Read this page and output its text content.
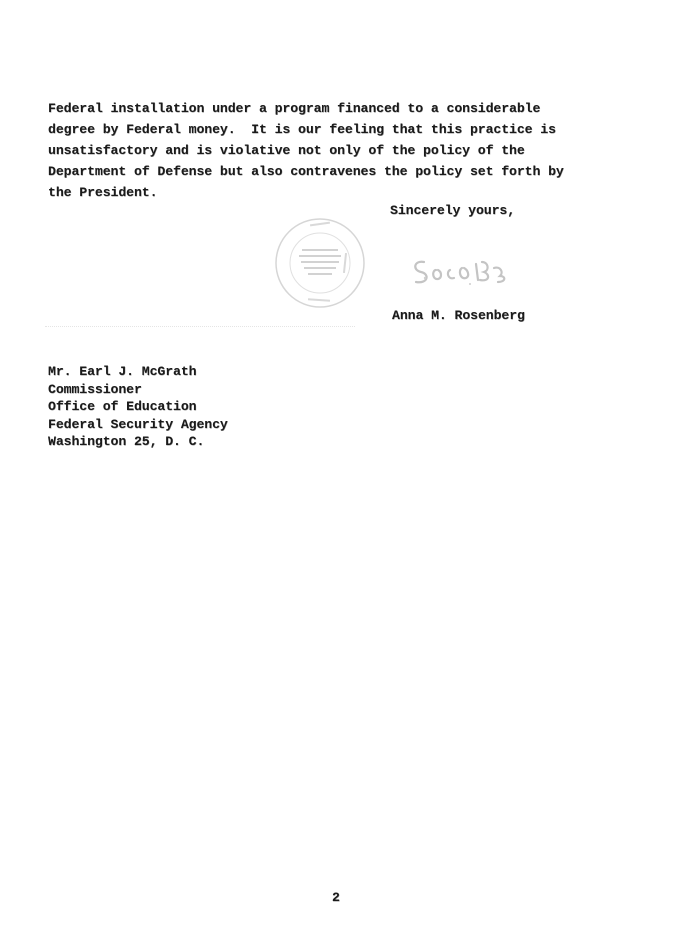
Federal installation under a program financed to a considerable
degree by Federal money.  It is our feeling that this practice is
unsatisfactory and is violative not only of the policy of the
Department of Defense but also contravenes the policy set forth by
the President.
Sincerely yours,
Anna M. Rosenberg
Mr. Earl J. McGrath
Commissioner
Office of Education
Federal Security Agency
Washington 25, D. C.
2
